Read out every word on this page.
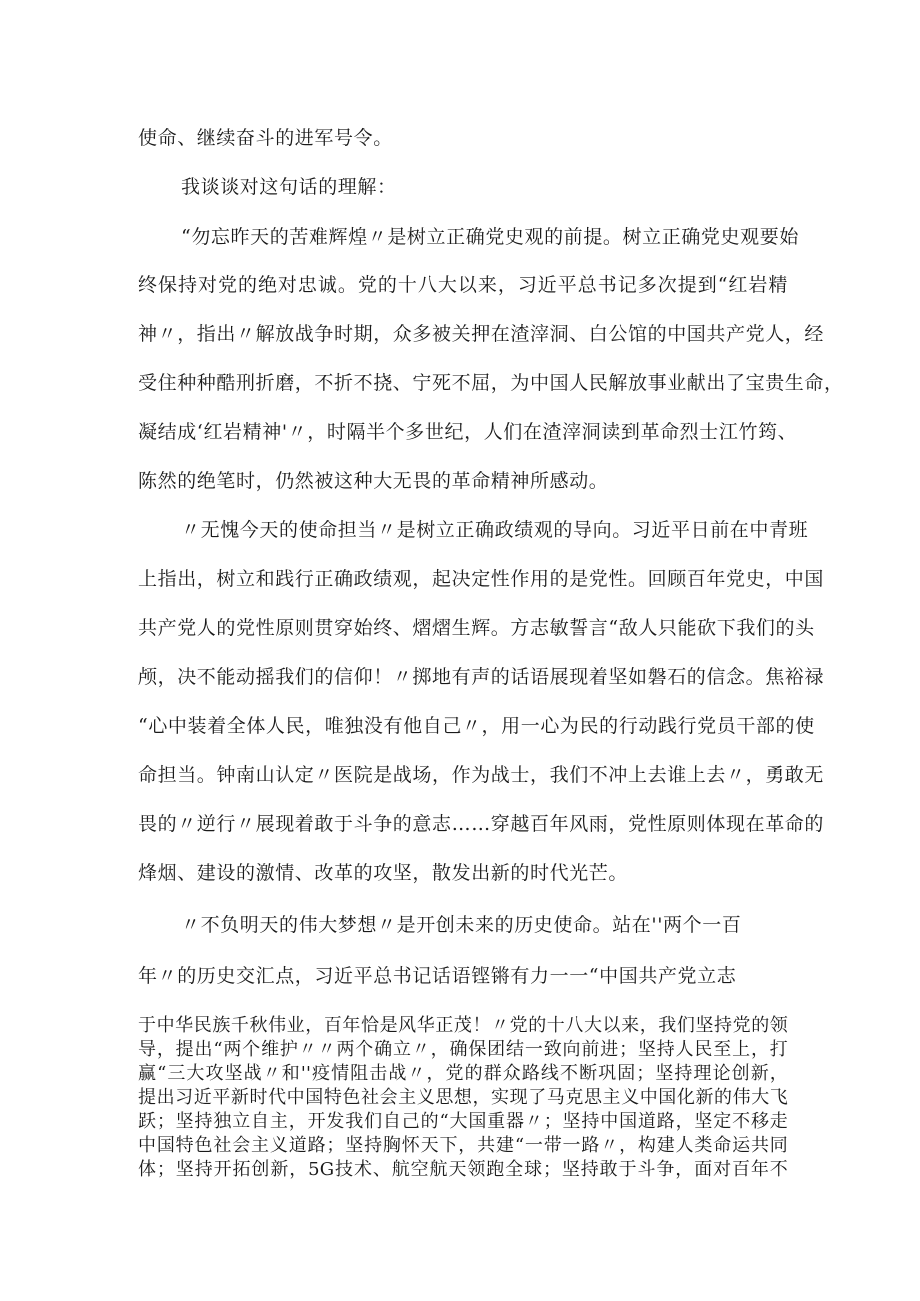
使命、继续奋斗的进军号令。
我谈谈对这句话的理解：
“勿忘昨天的苦难辉煌〃是树立正确党史观的前提。树立正确党史观要始
终保持对党的绝对忠诚。党的十八大以来，习近平总书记多次提到“红岩精
神〃，指出〃解放战争时期，众多被关押在渣滓洞、白公馆的中国共产党人，经
受住种种酷刑折磨，不折不挠、宁死不屈，为中国人民解放事业献出了宝贵生命，
凝结成‘红岩精神'〃，时隔半个多世纪，人们在渣滓洞读到革命烈士江竹筠、
陈然的绝笔时，仍然被这种大无畏的革命精神所感动。
〃无愧今天的使命担当〃是树立正确政绩观的导向。习近平日前在中青班
上指出，树立和践行正确政绩观，起决定性作用的是党性。回顾百年党史，中国
共产党人的党性原则贯穿始终、熠熠生辉。方志敏誓言“敌人只能砍下我们的头
颅，决不能动摇我们的信仰！〃掷地有声的话语展现着坚如磐石的信念。焦裕禄
“心中装着全体人民，唯独没有他自己〃，用一心为民的行动践行党员干部的使
命担当。钟南山认定〃医院是战场，作为战士，我们不冲上去谁上去〃，勇敢无
畏的〃逆行〃展现着敢于斗争的意志……穿越百年风雨，党性原则体现在革命的
烽烟、建设的激情、改革的攻坚，散发出新的时代光芒。
〃不负明天的伟大梦想〃是开创未来的历史使命。站在''两个一百
年〃的历史交汇点，习近平总书记话语铿锵有力一一“中国共产党立志
于中华民族千秋伟业，百年恰是风华正茂！〃党的十八大以来，我们坚持党的领
导，提出“两个维护〃〃两个确立〃，确保团结一致向前进；坚持人民至上，打
赢“三大攻坚战〃和''疫情阻击战〃，党的群众路线不断巩固；坚持理论创新，
提出习近平新时代中国特色社会主义思想，实现了马克思主义中国化新的伟大飞
跃；坚持独立自主，开发我们自己的“大国重器〃；坚持中国道路，坚定不移走
中国特色社会主义道路；坚持胸怀天下，共建“一带一路〃，构建人类命运共同
体；坚持开拓创新，5G技术、航空航天领跑全球；坚持敢于斗争，面对百年不
